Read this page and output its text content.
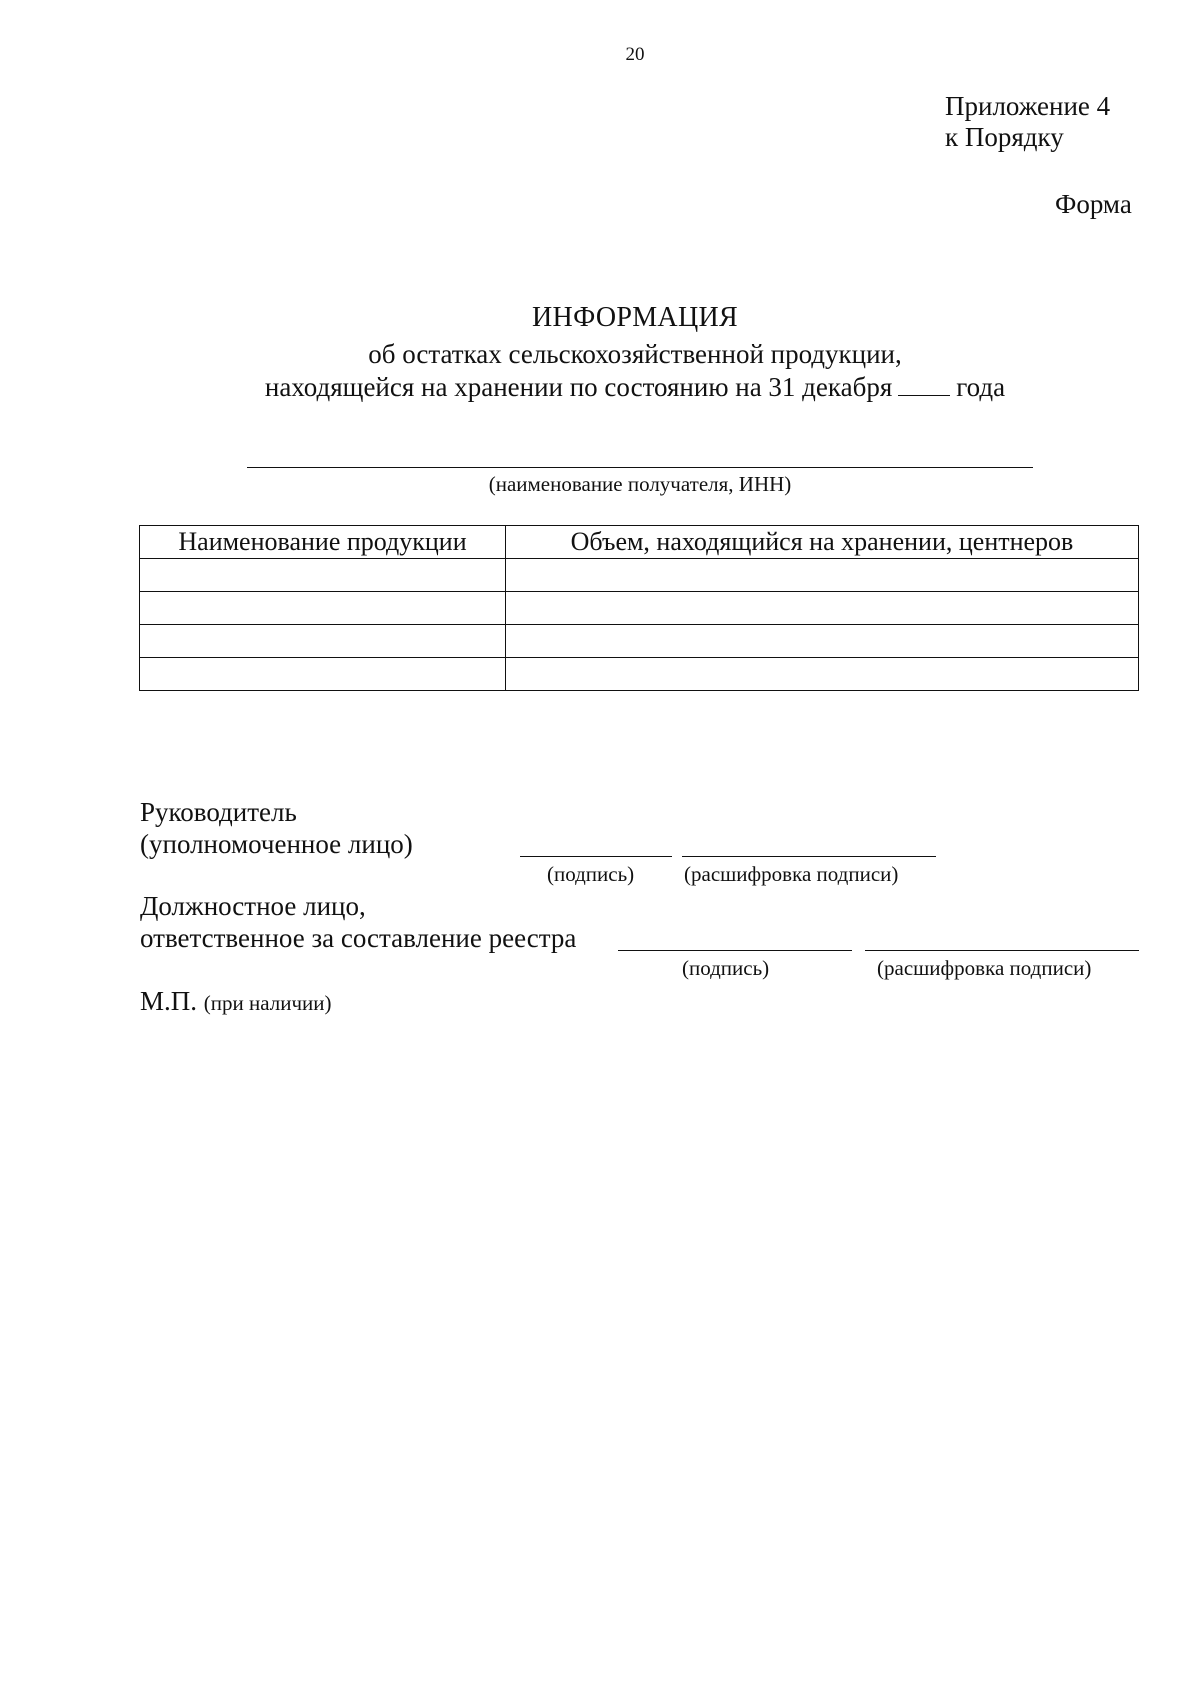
20
Приложение 4
к Порядку
Форма
ИНФОРМАЦИЯ
об остатках сельскохозяйственной продукции,
находящейся на хранении по состоянию на 31 декабря года
(наименование получателя, ИНН)
Наименование продукции	Объем, находящийся на хранении, центнеров

Руководитель
(уполномоченное лицо)
(подпись) (расшифровка подписи)
Должностное лицо,
ответственное за составление реестра
(подпись)	(расшифровка подписи)
М.П. (при наличии)
